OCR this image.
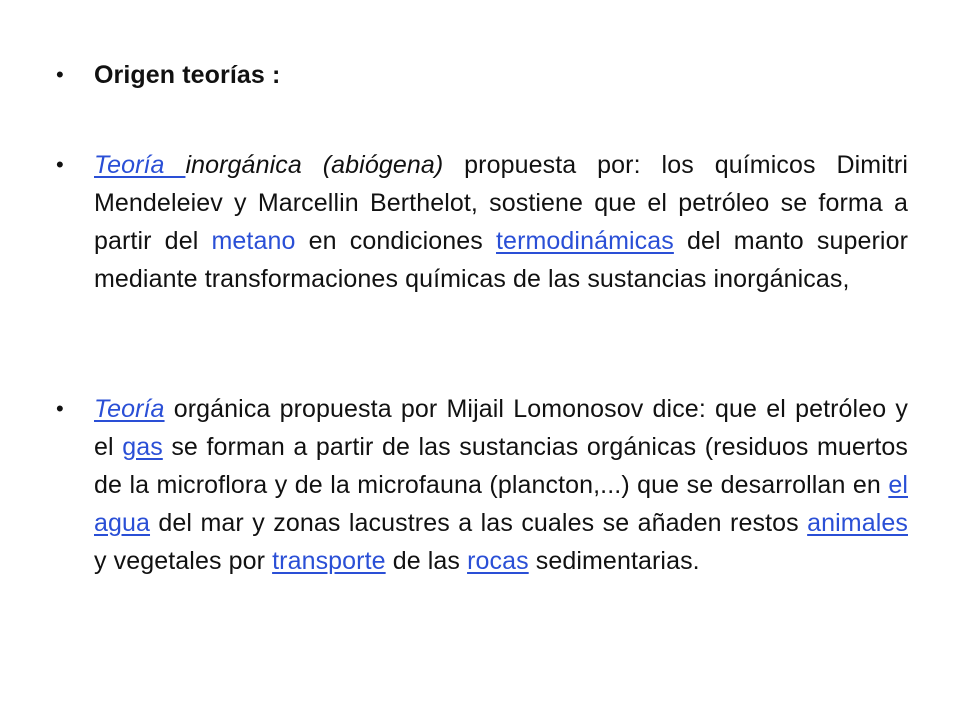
•	Origen teorías :
•	Teoría inorgánica (abiógena) propuesta por: los químicos Dimitri Mendeleiev y Marcellin Berthelot, sostiene que el petróleo se forma a partir del metano en condiciones termodinámicas del manto superior mediante transformaciones químicas de las sustancias inorgánicas,
•	Teoría orgánica propuesta por Mijail Lomonosov dice: que el petróleo y el gas se forman a partir de las sustancias orgánicas (residuos muertos de la microflora y de la microfauna (plancton,...) que se desarrollan en el agua del mar y zonas lacustres a las cuales se añaden restos animales y vegetales por transporte de las rocas sedimentarias.
